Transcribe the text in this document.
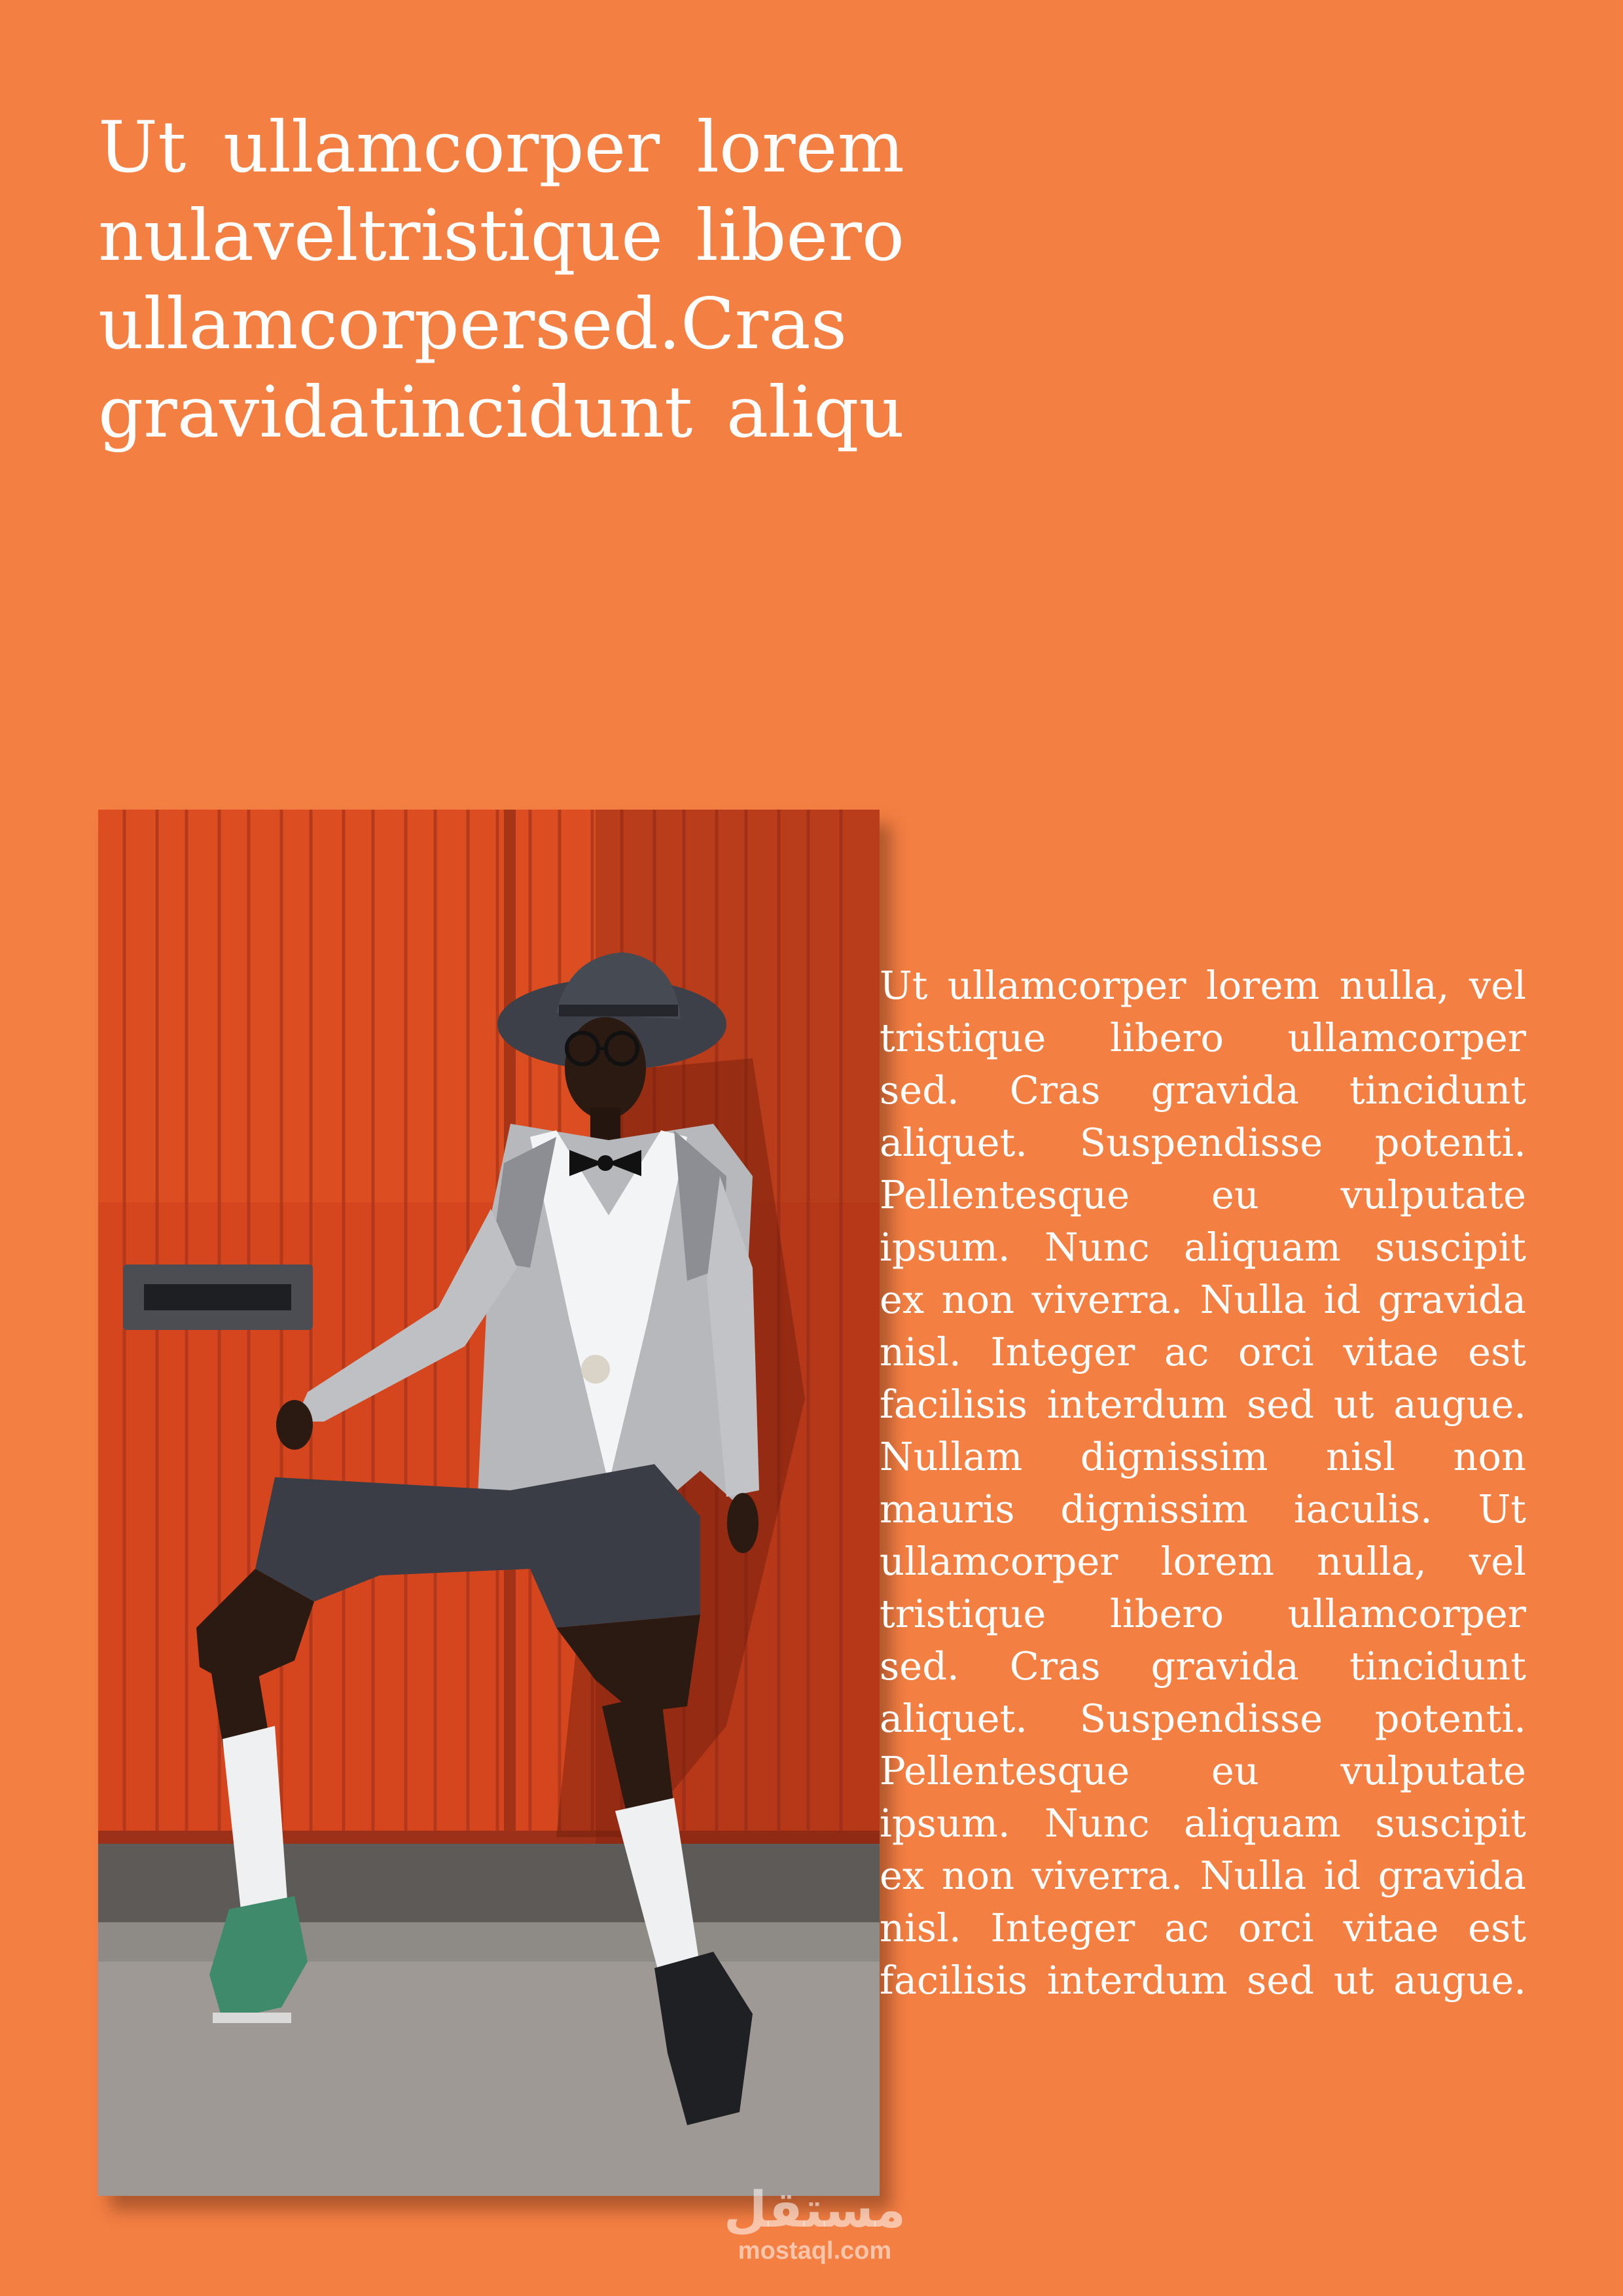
Ut ullamcorper lorem
nulaveltristique libero
ullamcorpersed.Cras
gravidatincidunt aliqu

Ut ullamcorper lorem nulla, vel
tristique libero ullamcorper
sed. Cras gravida tincidunt
aliquet. Suspendisse potenti.
Pellentesque eu vulputate
ipsum. Nunc aliquam suscipit
ex non viverra. Nulla id gravida
nisl. Integer ac orci vitae est
facilisis interdum sed ut augue.
Nullam dignissim nisl non
mauris dignissim iaculis. Ut
ullamcorper lorem nulla, vel
tristique libero ullamcorper
sed. Cras gravida tincidunt
aliquet. Suspendisse potenti.
Pellentesque eu vulputate
ipsum. Nunc aliquam suscipit
ex non viverra. Nulla id gravida
nisl. Integer ac orci vitae est
facilisis interdum sed ut augue.

مستقل
mostaql.com
